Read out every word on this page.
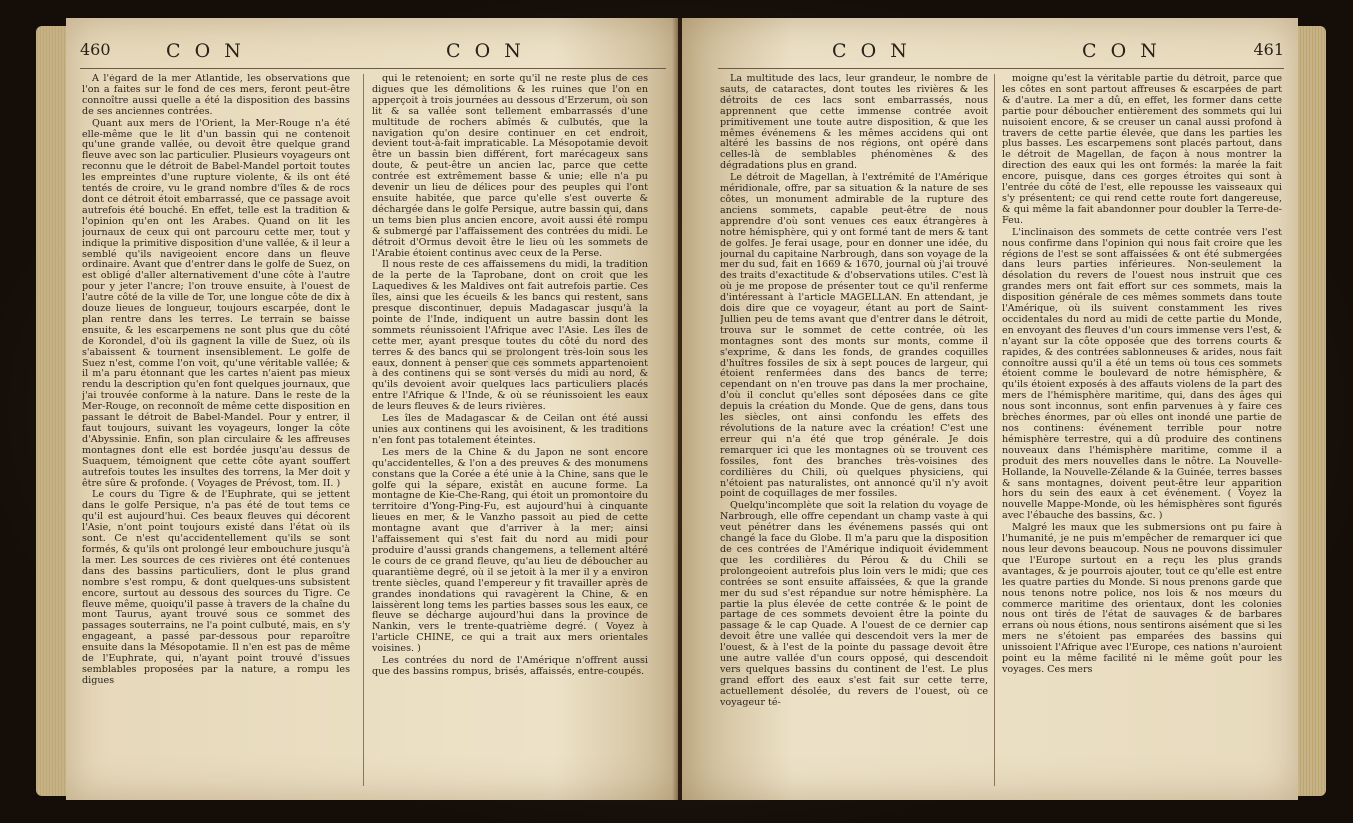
460	C O N	C O N

A l'égard de la mer Atlantide, les observations que l'on a faites sur le fond de ces mers, feront peut-être connoître aussi quelle a été la disposition des bassins de ses anciennes contrées.

Quant aux mers de l'Orient, la Mer-Rouge n'a été elle-même que le lit d'un bassin qui ne contenoit qu'une grande vallée, ou devoit être quelque grand fleuve avec son lac particulier. Plusieurs voyageurs ont reconnu que le détroit de Babel-Mandel portoit toutes les empreintes d'une rupture violente, & ils ont été tentés de croire, vu le grand nombre d'îles & de rocs dont ce détroit étoit embarrassé, que ce passage avoit autrefois été bouché. En effet, telle est la tradition & l'opinion qu'en ont les Arabes. Quand on lit les journaux de ceux qui ont parcouru cette mer, tout y indique la primitive disposition d'une vallée, & il leur a semblé qu'ils navigeoient encore dans un fleuve ordinaire. Avant que d'entrer dans le golfe de Suez, on est obligé d'aller alternativement d'une côte à l'autre pour y jeter l'ancre; l'on trouve ensuite, à l'ouest de l'autre côté de la ville de Tor, une longue côte de dix à douze lieues de longueur, toujours escarpée, dont le plan rentre dans les terres. Le terrain se baisse ensuite, & les escarpemens ne sont plus que du côté de Korondel, d'où ils gagnent la ville de Suez, où ils s'abaissent & tournent insensiblement. Le golfe de Suez n'est, comme l'on voit, qu'une véritable vallée; & il m'a paru étonnant que les cartes n'aient pas mieux rendu la description qu'en font quelques journaux, que j'ai trouvée conforme à la nature. Dans le reste de la Mer-Rouge, on reconnoît de même cette disposition en passant le détroit de Babel-Mandel. Pour y entrer, il faut toujours, suivant les voyageurs, longer la côte d'Abyssinie. Enfin, son plan circulaire & les affreuses montagnes dont elle est bordée jusqu'au dessus de Suaquem, témoignent que cette côte ayant souffert autrefois toutes les insultes des torrens, la Mer doit y être sûre & profonde. ( Voyages de Prévost, tom. II. )

Le cours du Tigre & de l'Euphrate, qui se jettent dans le golfe Persique, n'a pas été de tout tems ce qu'il est aujourd'hui. Ces beaux fleuves qui décorent l'Asie, n'ont point toujours existé dans l'état où ils sont. Ce n'est qu'accidentellement qu'ils se sont formés, & qu'ils ont prolongé leur embouchure jusqu'à la mer. Les sources de ces rivières ont été contenues dans des bassins particuliers, dont le plus grand nombre s'est rompu, & dont quelques-uns subsistent encore, surtout au dessous des sources du Tigre. Ce fleuve même, quoiqu'il passe à travers de la chaîne du mont Taurus, ayant trouvé sous ce sommet des passages souterrains, ne l'a point culbuté, mais, en s'y engageant, a passé par-dessous pour reparoître ensuite dans la Mésopotamie. Il n'en est pas de même de l'Euphrate, qui, n'ayant point trouvé d'issues semblables proposées par la nature, a rompu les digues

qui le retenoient; en sorte qu'il ne reste plus de ces digues que les démolitions & les ruines que l'on en apperçoit à trois journées au dessous d'Erzerum, où son lit & sa vallée sont tellement embarrassés d'une multitude de rochers abîmés & culbutés, que la navigation qu'on desire continuer en cet endroit, devient tout-à-fait impraticable. La Mésopotamie devoit être un bassin bien différent, fort marécageux sans doute, & peut-être un ancien lac, parce que cette contrée est extrêmement basse & unie; elle n'a pu devenir un lieu de délices pour des peuples qui l'ont ensuite habitée, que parce qu'elle s'est ouverte & déchargée dans le golfe Persique, autre bassin qui, dans un tems bien plus ancien encore, avoit aussi été rompu & submergé par l'affaissement des contrées du midi. Le détroit d'Ormus devoit être le lieu où les sommets de l'Arabie étoient continus avec ceux de la Perse.

Il nous reste de ces affaissemens du midi, la tradition de la perte de la Taprobane, dont on croit que les Laquedives & les Maldives ont fait autrefois partie. Ces îles, ainsi que les écueils & les bancs qui restent, sans presque discontinuer, depuis Madagascar jusqu'à la pointe de l'Inde, indiquent un autre bassin dont les sommets réunissoient l'Afrique avec l'Asie. Les îles de cette mer, ayant presque toutes du côté du nord des terres & des bancs qui se prolongent très-loin sous les eaux, donnent à penser que ces sommets appartenoient à des continens qui se sont versés du midi au nord, & qu'ils devoient avoir quelques lacs particuliers placés entre l'Afrique & l'Inde, & où se réunissoient les eaux de leurs fleuves & de leurs rivières.

Les îles de Madagascar & de Ceilan ont été aussi unies aux continens qui les avoisinent, & les traditions n'en font pas totalement éteintes.

Les mers de la Chine & du Japon ne sont encore qu'accidentelles, & l'on a des preuves & des monumens constans que la Corée a été unie à la Chine, sans que le golfe qui la sépare, existât en aucune forme. La montagne de Kie-Che-Rang, qui étoit un promontoire du territoire d'Yong-Ping-Fu, est aujourd'hui à cinquante lieues en mer, & le Vanzho passoit au pied de cette montagne avant que d'arriver à la mer; ainsi l'affaissement qui s'est fait du nord au midi pour produire d'aussi grands changemens, a tellement altéré le cours de ce grand fleuve, qu'au lieu de déboucher au quarantième degré, où il se jetoit à la mer il y a environ trente siècles, quand l'empereur y fit travailler après de grandes inondations qui ravagèrent la Chine, & en laissèrent long tems les parties basses sous les eaux, ce fleuve se décharge aujourd'hui dans la province de Nankin, vers le trente-quatrième degré. ( Voyez à l'article CHINE, ce qui a trait aux mers orientales voisines. )

Les contrées du nord de l'Amérique n'offrent aussi que des bassins rompus, brisés, affaissés, entre-coupés.

C O N	C O N	461

La multitude des lacs, leur grandeur, le nombre de sauts, de cataractes, dont toutes les rivières & les détroits de ces lacs sont embarrassés, nous apprennent que cette immense contrée avoit primitivement une toute autre disposition, & que les mêmes événemens & les mêmes accidens qui ont altéré les bassins de nos régions, ont opéré dans celles-là de semblables phénomènes & des dégradations plus en grand.

Le détroit de Magellan, à l'extrémité de l'Amérique méridionale, offre, par sa situation & la nature de ses côtes, un monument admirable de la rupture des anciens sommets, capable peut-être de nous apprendre d'où sont venues ces eaux étrangères à notre hémisphère, qui y ont formé tant de mers & tant de golfes. Je ferai usage, pour en donner une idée, du journal du capitaine Narbrough, dans son voyage de la mer du sud, fait en 1669 & 1670, journal où j'ai trouvé des traits d'exactitude & d'observations utiles. C'est là où je me propose de présenter tout ce qu'il renferme d'intéressant à l'article MAGELLAN. En attendant, je dois dire que ce voyageur, étant au port de Saint-Jullien peu de tems avant que d'entrer dans le détroit, trouva sur le sommet de cette contrée, où les montagnes sont des monts sur monts, comme il s'exprime, & dans les fonds, de grandes coquilles d'huîtres fossiles de six à sept pouces de largeur, qui étoient renfermées dans des bancs de terre; cependant on n'en trouve pas dans la mer prochaine, d'où il conclut qu'elles sont déposées dans ce gîte depuis la création du Monde. Que de gens, dans tous les siècles, ont ainsi confondu les effets des révolutions de la nature avec la création! C'est une erreur qui n'a été que trop générale. Je dois remarquer ici que les montagnes où se trouvent ces fossiles, font des branches très-voisines des cordilières du Chili, où quelques physiciens, qui n'étoient pas naturalistes, ont annoncé qu'il n'y avoit point de coquillages de mer fossiles.

Quelqu'incomplète que soit la relation du voyage de Narbrough, elle offre cependant un champ vaste à qui veut pénétrer dans les événemens passés qui ont changé la face du Globe. Il m'a paru que la disposition de ces contrées de l'Amérique indiquoit évidemment que les cordilières du Pérou & du Chili se prolongeoient autrefois plus loin vers le midi; que ces contrées se sont ensuite affaissées, & que la grande mer du sud s'est répandue sur notre hémisphère. La partie la plus élevée de cette contrée & le point de partage de ces sommets devoient être la pointe du passage & le cap Quade. A l'ouest de ce dernier cap devoit être une vallée qui descendoit vers la mer de l'ouest, & à l'est de la pointe du passage devoit être une autre vallée d'un cours opposé, qui descendoit vers quelques bassins du continent de l'est. Le plus grand effort des eaux s'est fait sur cette terre, actuellement désolée, du revers de l'ouest, où ce voyageur té-

moigne qu'est la véritable partie du détroit, parce que les côtes en sont partout affreuses & escarpées de part & d'autre. La mer a dû, en effet, les former dans cette partie pour déboucher entièrement des sommets qui lui nuisoient encore, & se creuser un canal aussi profond à travers de cette partie élevée, que dans les parties les plus basses. Les escarpemens sont placés partout, dans le détroit de Magellan, de façon à nous montrer la direction des eaux qui les ont formés: la marée la fait encore, puisque, dans ces gorges étroites qui sont à l'entrée du côté de l'est, elle repousse les vaisseaux qui s'y présentent; ce qui rend cette route fort dangereuse, & qui même la fait abandonner pour doubler la Terre-de-Feu.

L'inclinaison des sommets de cette contrée vers l'est nous confirme dans l'opinion qui nous fait croire que les régions de l'est se sont affaissées & ont été submergées dans leurs parties inférieures. Non-seulement la désolation du revers de l'ouest nous instruit que ces grandes mers ont fait effort sur ces sommets, mais la disposition générale de ces mêmes sommets dans toute l'Amérique, où ils suivent constamment les rives occidentales du nord au midi de cette partie du Monde, en envoyant des fleuves d'un cours immense vers l'est, & n'ayant sur la côte opposée que des torrens courts & rapides, & des contrées sablonneuses & arides, nous fait connoître aussi qu'il a été un tems où tous ces sommets étoient comme le boulevard de notre hémisphère, & qu'ils étoient exposés à des affauts violens de la part des mers de l'hémisphère maritime, qui, dans des âges qui nous sont inconnus, sont enfin parvenues à y faire ces brèches énormes, par où elles ont inondé une partie de nos continens: événement terrible pour notre hémisphère terrestre, qui a dû produire des continens nouveaux dans l'hémisphère maritime, comme il a produit des mers nouvelles dans le nôtre. La Nouvelle-Hollande, la Nouvelle-Zélande & la Guinée, terres basses & sans montagnes, doivent peut-être leur apparition hors du sein des eaux à cet événement. ( Voyez la nouvelle Mappe-Monde, où les hémisphères sont figurés avec l'ébauche des bassins, &c. )

Malgré les maux que les submersions ont pu faire à l'humanité, je ne puis m'empêcher de remarquer ici que nous leur devons beaucoup. Nous ne pouvons dissimuler que l'Europe surtout en a reçu les plus grands avantages, & je pourrois ajouter, tout ce qu'elle est entre les quatre parties du Monde. Si nous prenons garde que nous tenons notre police, nos lois & nos mœurs du commerce maritime des orientaux, dont les colonies nous ont tirés de l'état de sauvages & de barbares errans où nous étions, nous sentirons aisément que si les mers ne s'étoient pas emparées des bassins qui unissoient l'Afrique avec l'Europe, ces nations n'auroient point eu la même facilité ni le même goût pour les voyages. Ces mers
